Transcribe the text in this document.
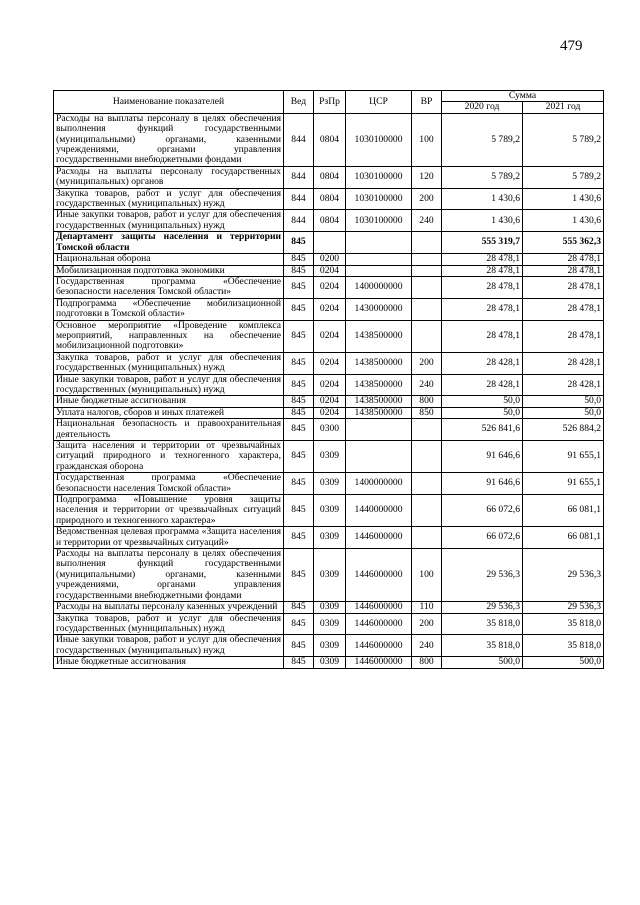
479
Наименование показателей	Вед	РзПр	ЦСР	ВР	Сумма	
					2020 год	2021 год
Расходы на выплаты персоналу в целях обеспечения выполнения функций государственными (муниципальными) органами, казенными учреждениями, органами управления государственными внебюджетными фондами	844	0804	1030100000	100	5 789,2	5 789,2
Расходы на выплаты персоналу государственных (муниципальных) органов	844	0804	1030100000	120	5 789,2	5 789,2
Закупка товаров, работ и услуг для обеспечения государственных (муниципальных) нужд	844	0804	1030100000	200	1 430,6	1 430,6
Иные закупки товаров, работ и услуг для обеспечения государственных (муниципальных) нужд	844	0804	1030100000	240	1 430,6	1 430,6
Департамент защиты населения и территории Томской области	845				555 319,7	555 362,3
Национальная оборона	845	0200			28 478,1	28 478,1
Мобилизационная подготовка экономики	845	0204			28 478,1	28 478,1
Государственная программа «Обеспечение безопасности населения Томской области»	845	0204	1400000000		28 478,1	28 478,1
Подпрограмма «Обеспечение мобилизационной подготовки в Томской области»	845	0204	1430000000		28 478,1	28 478,1
Основное мероприятие «Проведение комплекса мероприятий, направленных на обеспечение мобилизационной подготовки»	845	0204	1438500000		28 478,1	28 478,1
Закупка товаров, работ и услуг для обеспечения государственных (муниципальных) нужд	845	0204	1438500000	200	28 428,1	28 428,1
Иные закупки товаров, работ и услуг для обеспечения государственных (муниципальных) нужд	845	0204	1438500000	240	28 428,1	28 428,1
Иные бюджетные ассигнования	845	0204	1438500000	800	50,0	50,0
Уплата налогов, сборов и иных платежей	845	0204	1438500000	850	50,0	50,0
Национальная безопасность и правоохранительная деятельность	845	0300			526 841,6	526 884,2
Защита населения и территории от чрезвычайных ситуаций природного и техногенного характера, гражданская оборона	845	0309			91 646,6	91 655,1
Государственная программа «Обеспечение безопасности населения Томской области»	845	0309	1400000000		91 646,6	91 655,1
Подпрограмма «Повышение уровня защиты населения и территории от чрезвычайных ситуаций природного и техногенного характера»	845	0309	1440000000		66 072,6	66 081,1
Ведомственная целевая программа «Защита населения и территории от чрезвычайных ситуаций»	845	0309	1446000000		66 072,6	66 081,1
Расходы на выплаты персоналу в целях обеспечения выполнения функций государственными (муниципальными) органами, казенными учреждениями, органами управления государственными внебюджетными фондами	845	0309	1446000000	100	29 536,3	29 536,3
Расходы на выплаты персоналу казенных учреждений	845	0309	1446000000	110	29 536,3	29 536,3
Закупка товаров, работ и услуг для обеспечения государственных (муниципальных) нужд	845	0309	1446000000	200	35 818,0	35 818,0
Иные закупки товаров, работ и услуг для обеспечения государственных (муниципальных) нужд	845	0309	1446000000	240	35 818,0	35 818,0
Иные бюджетные ассигнования	845	0309	1446000000	800	500,0	500,0
